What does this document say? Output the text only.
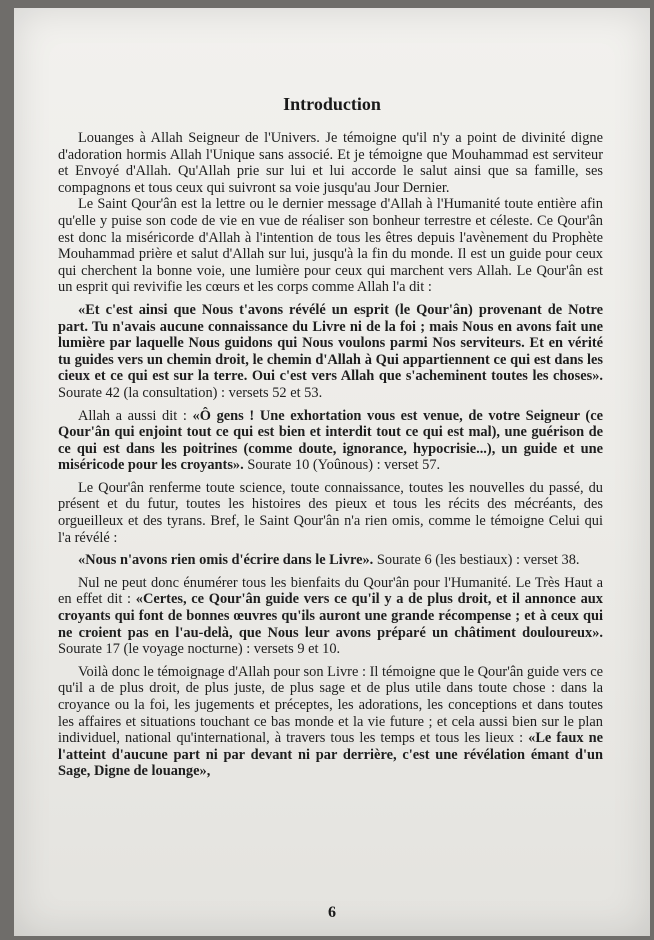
Introduction

Louanges à Allah Seigneur de l'Univers. Je témoigne qu'il n'y a point de divinité digne d'adoration hormis Allah l'Unique sans associé. Et je témoigne que Mouhammad est serviteur et Envoyé d'Allah. Qu'Allah prie sur lui et lui accorde le salut ainsi que sa famille, ses compagnons et tous ceux qui suivront sa voie jusqu'au Jour Dernier.

Le Saint Qour'ân est la lettre ou le dernier message d'Allah à l'Humanité toute entière afin qu'elle y puise son code de vie en vue de réaliser son bonheur terrestre et céleste. Ce Qour'ân est donc la miséricorde d'Allah à l'intention de tous les êtres depuis l'avènement du Prophète Mouhammad prière et salut d'Allah sur lui, jusqu'à la fin du monde. Il est un guide pour ceux qui cherchent la bonne voie, une lumière pour ceux qui marchent vers Allah. Le Qour'ân est un esprit qui revivifie les cœurs et les corps comme Allah l'a dit :

«Et c'est ainsi que Nous t'avons révélé un esprit (le Qour'ân) provenant de Notre part. Tu n'avais aucune connaissance du Livre ni de la foi ; mais Nous en avons fait une lumière par laquelle Nous guidons qui Nous voulons parmi Nos serviteurs. Et en vérité tu guides vers un chemin droit, le chemin d'Allah à Qui appartiennent ce qui est dans les cieux et ce qui est sur la terre. Oui c'est vers Allah que s'acheminent toutes les choses». Sourate 42 (la consultation) : versets 52 et 53.

Allah a aussi dit : «Ô gens ! Une exhortation vous est venue, de votre Seigneur (ce Qour'ân qui enjoint tout ce qui est bien et interdit tout ce qui est mal), une guérison de ce qui est dans les poitrines (comme doute, ignorance, hypocrisie...), un guide et une miséricode pour les croyants». Sourate 10 (Yoûnous) : verset 57.

Le Qour'ân renferme toute science, toute connaissance, toutes les nouvelles du passé, du présent et du futur, toutes les histoires des pieux et tous les récits des mécréants, des orgueilleux et des tyrans. Bref, le Saint Qour'ân n'a rien omis, comme le témoigne Celui qui l'a révélé :

«Nous n'avons rien omis d'écrire dans le Livre». Sourate 6 (les bestiaux) : verset 38.

Nul ne peut donc énumérer tous les bienfaits du Qour'ân pour l'Humanité. Le Très Haut a en effet dit : «Certes, ce Qour'ân guide vers ce qu'il y a de plus droit, et il annonce aux croyants qui font de bonnes œuvres qu'ils auront une grande récompense ; et à ceux qui ne croient pas en l'au-delà, que Nous leur avons préparé un châtiment douloureux». Sourate 17 (le voyage nocturne) : versets 9 et 10.

Voilà donc le témoignage d'Allah pour son Livre : Il témoigne que le Qour'ân guide vers ce qu'il a de plus droit, de plus juste, de plus sage et de plus utile dans toute chose : dans la croyance ou la foi, les jugements et préceptes, les adorations, les conceptions et dans toutes les affaires et situations touchant ce bas monde et la vie future ; et cela aussi bien sur le plan individuel, national qu'international, à travers tous les temps et tous les lieux : «Le faux ne l'atteint d'aucune part ni par devant ni par derrière, c'est une révélation émant d'un Sage, Digne de louange»,

6
